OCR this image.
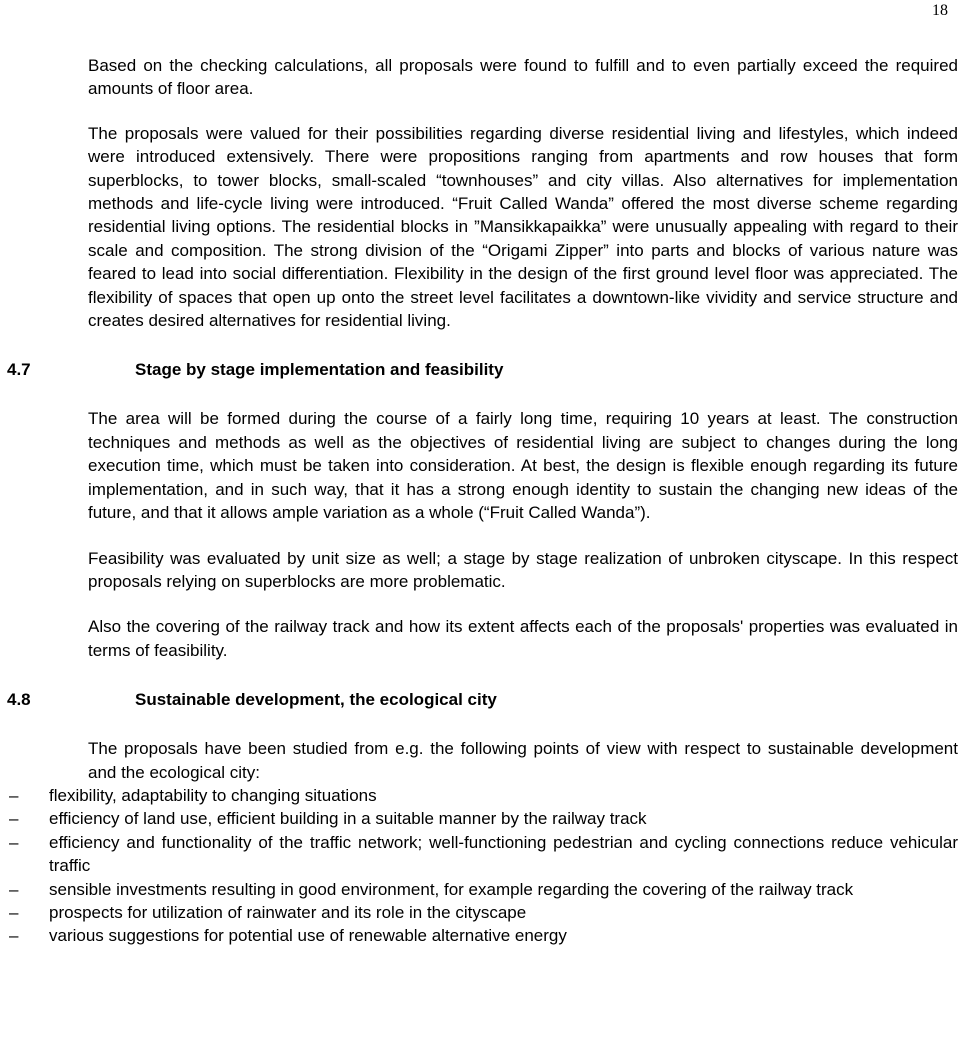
18

Based on the checking calculations, all proposals were found to fulfill and to even partially exceed the required amounts of floor area.

The proposals were valued for their possibilities regarding diverse residential living and lifestyles, which indeed were introduced extensively. There were propositions ranging from apartments and row houses that form superblocks, to tower blocks, small-scaled “townhouses” and city villas. Also alternatives for implementation methods and life-cycle living were introduced. “Fruit Called Wanda” offered the most diverse scheme regarding residential living options. The residential blocks in ”Mansikkapaikka” were unusually appealing with regard to their scale and composition. The strong division of the “Origami Zipper” into parts and blocks of various nature was feared to lead into social differentiation. Flexibility in the design of the first ground level floor was appreciated. The flexibility of spaces that open up onto the street level facilitates a downtown-like vividity and service structure and creates desired alternatives for residential living.

4.7	Stage by stage implementation and feasibility

The area will be formed during the course of a fairly long time, requiring 10 years at least. The construction techniques and methods as well as the objectives of residential living are subject to changes during the long execution time, which must be taken into consideration. At best, the design is flexible enough regarding its future implementation, and in such way, that it has a strong enough identity to sustain the changing new ideas of the future, and that it allows ample variation as a whole (“Fruit Called Wanda”).

Feasibility was evaluated by unit size as well; a stage by stage realization of unbroken cityscape. In this respect proposals relying on superblocks are more problematic.

Also the covering of the railway track and how its extent affects each of the proposals' properties was evaluated in terms of feasibility.

4.8	Sustainable development, the ecological city

The proposals have been studied from e.g. the following points of view with respect to sustainable development and the ecological city:

– flexibility, adaptability to changing situations
– efficiency of land use, efficient building in a suitable manner by the railway track
– efficiency and functionality of the traffic network; well-functioning pedestrian and cycling connections reduce vehicular traffic
– sensible investments resulting in good environment, for example regarding the covering of the railway track
– prospects for utilization of rainwater and its role in the cityscape
– various suggestions for potential use of renewable alternative energy
